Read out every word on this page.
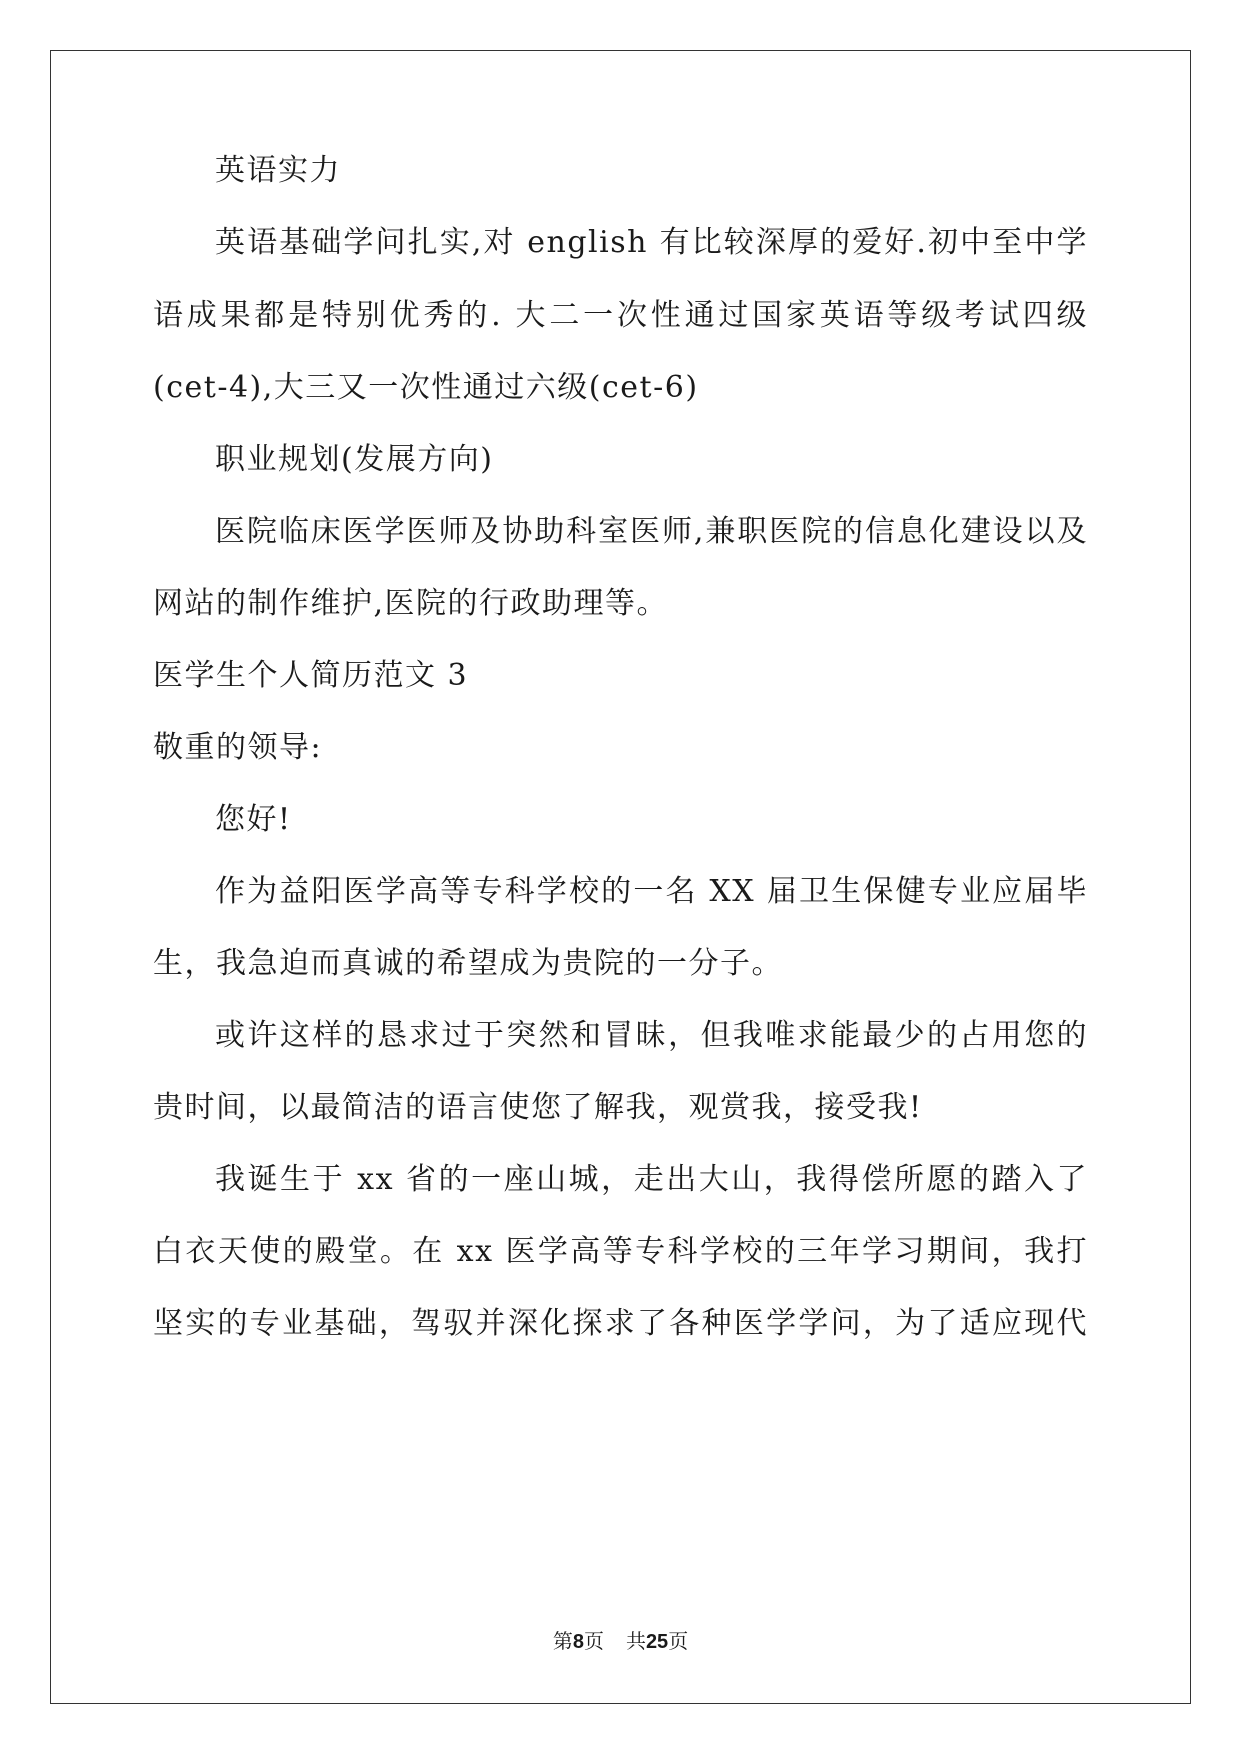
英语实力
英语基础学问扎实,对 english 有比较深厚的爱好.初中至中学
语成果都是特别优秀的. 大二一次性通过国家英语等级考试四级
(cet-4),大三又一次性通过六级(cet-6)
职业规划(发展方向)
医院临床医学医师及协助科室医师,兼职医院的信息化建设以及
网站的制作维护,医院的行政助理等。
医学生个人简历范文 3
敬重的领导:
您好!
作为益阳医学高等专科学校的一名 XX 届卫生保健专业应届毕
生，我急迫而真诚的希望成为贵院的一分子。
或许这样的恳求过于突然和冒昧，但我唯求能最少的占用您的
贵时间，以最简洁的语言使您了解我，观赏我，接受我!
我诞生于 xx 省的一座山城，走出大山，我得偿所愿的踏入了
白衣天使的殿堂。在 xx 医学高等专科学校的三年学习期间，我打
坚实的专业基础，驾驭并深化探求了各种医学学问，为了适应现代
第8页 共25页
